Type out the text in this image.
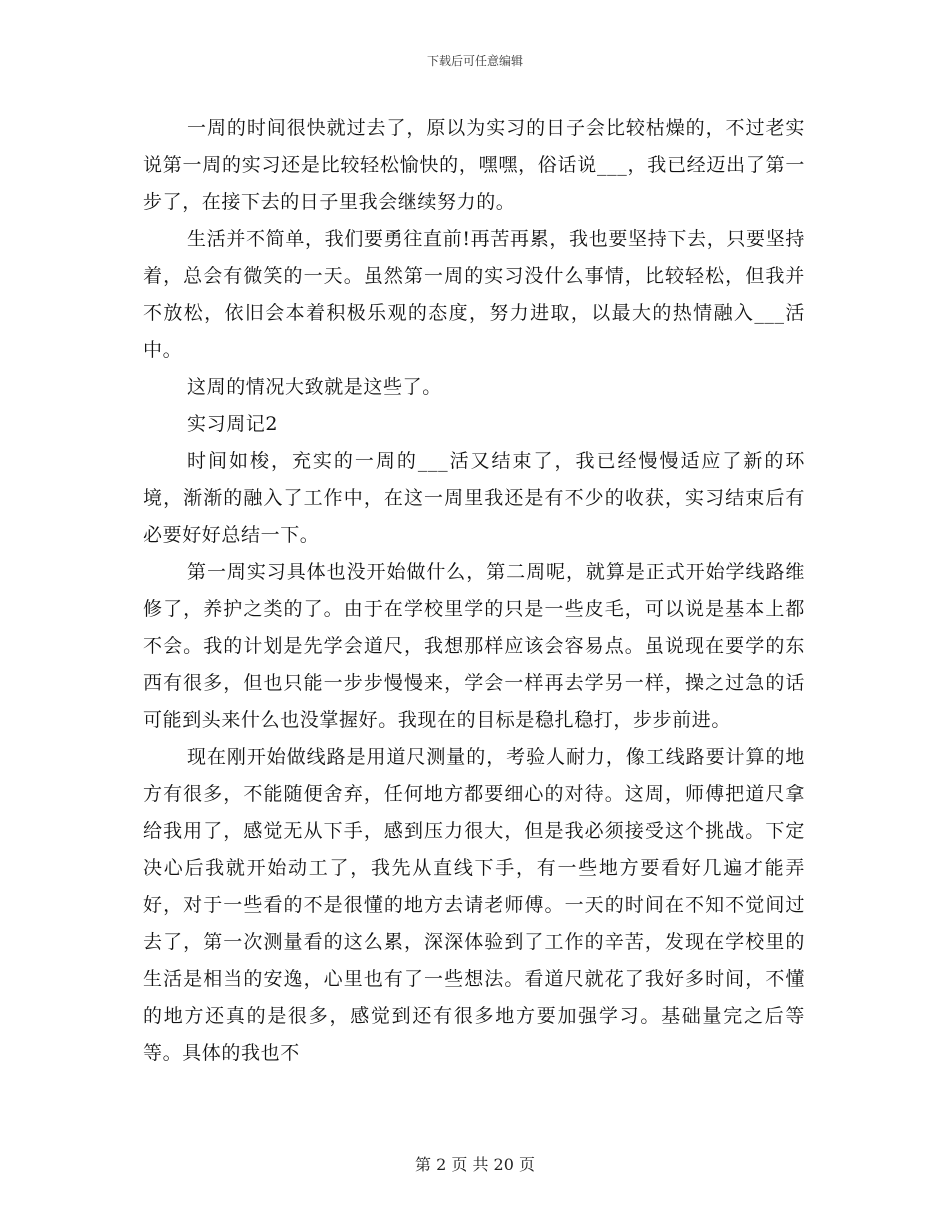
下载后可任意编辑

一周的时间很快就过去了，原以为实习的日子会比较枯燥的，不过老实说第一周的实习还是比较轻松愉快的，嘿嘿，俗话说___，我已经迈出了第一步了，在接下去的日子里我会继续努力的。

生活并不简单，我们要勇往直前!再苦再累，我也要坚持下去，只要坚持着，总会有微笑的一天。虽然第一周的实习没什么事情，比较轻松，但我并不放松，依旧会本着积极乐观的态度，努力进取，以最大的热情融入___活中。

这周的情况大致就是这些了。

实习周记2

时间如梭，充实的一周的___活又结束了，我已经慢慢适应了新的环境，渐渐的融入了工作中，在这一周里我还是有不少的收获，实习结束后有必要好好总结一下。

第一周实习具体也没开始做什么，第二周呢，就算是正式开始学线路维修了，养护之类的了。由于在学校里学的只是一些皮毛，可以说是基本上都不会。我的计划是先学会道尺，我想那样应该会容易点。虽说现在要学的东西有很多，但也只能一步步慢慢来，学会一样再去学另一样，操之过急的话可能到头来什么也没掌握好。我现在的目标是稳扎稳打，步步前进。

现在刚开始做线路是用道尺测量的，考验人耐力，像工线路要计算的地方有很多，不能随便舍弃，任何地方都要细心的对待。这周，师傅把道尺拿给我用了，感觉无从下手，感到压力很大，但是我必须接受这个挑战。下定决心后我就开始动工了，我先从直线下手，有一些地方要看好几遍才能弄好，对于一些看的不是很懂的地方去请老师傅。一天的时间在不知不觉间过去了，第一次测量看的这么累，深深体验到了工作的辛苦，发现在学校里的生活是相当的安逸，心里也有了一些想法。看道尺就花了我好多时间，不懂的地方还真的是很多，感觉到还有很多地方要加强学习。基础量完之后等等。具体的我也不

第 2 页 共 20 页
